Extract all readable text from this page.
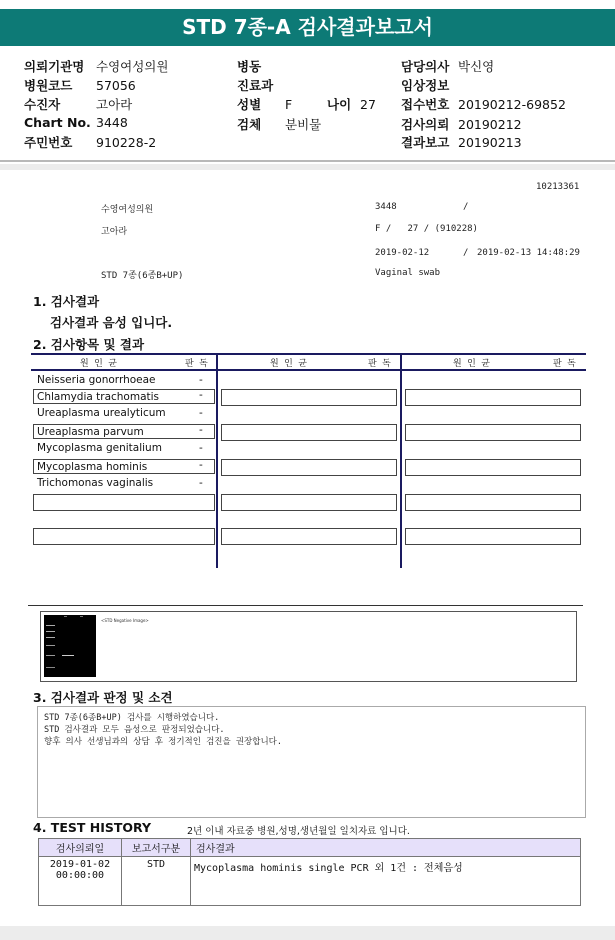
STD 7종-A 검사결과보고서
의뢰기관명 수영여성의원
병원코드 57056
수진자	고아라
Chart No. 3448
주민번호 910228-2
병동
진료과
성별 F	나이 27
검체 분비물
담당의사 박신영
임상정보
접수번호 20190212-69852
검사의뢰 20190212
결과보고 20190213
10213361
수영여성의원	3448	/
고아라	F /   27 / (910228)
2019-02-12	/ 2019-02-13 14:48:29
STD 7종(6종B+UP)	Vaginal swab
1. 검사결과
검사결과 음성 입니다.
2. 검사항목 및 결과
원 인 균	판 독	원 인 균	판 독	원 인 균	판 독
Neisseria gonorrhoeae	-
Chlamydia trachomatis	-
Ureaplasma urealyticum	-
Ureaplasma parvum	-
Mycoplasma genitalium	-
Mycoplasma hominis	-
Trichomonas vaginalis	-
<STD Negative Image>
3. 검사결과 판정 및 소견
STD 7종(6종B+UP) 검사를 시행하였습니다.
STD 검사결과 모두 음성으로 판정되었습니다.
향후 의사 선생님과의 상담 후 정기적인 검진을 권장합니다.
4. TEST HISTORY	2년 이내 자료중 병원,성명,생년월일 일치자료 입니다.
검사의뢰일	보고서구분	검사결과

2019-01-02
00:00:00	STD	Mycoplasma hominis single PCR 외 1건 : 전체음성
